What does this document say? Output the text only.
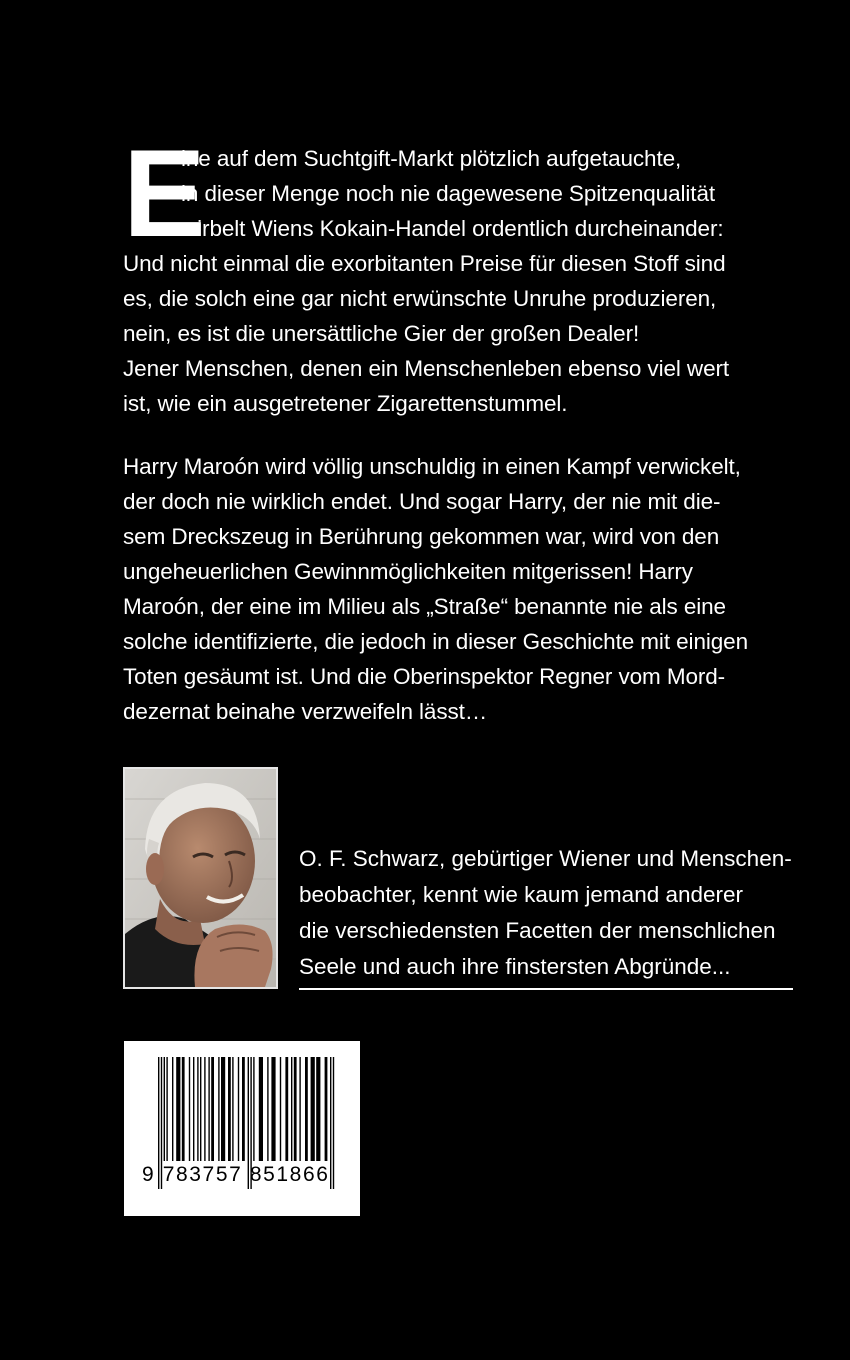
E
ine auf dem Suchtgift-Markt plötzlich aufgetauchte,
in dieser Menge noch nie dagewesene Spitzenqualität
wirbelt Wiens Kokain-Handel ordentlich durcheinander:
Und nicht einmal die exorbitanten Preise für diesen Stoff sind
es, die solch eine gar nicht erwünschte Unruhe produzieren,
nein, es ist die unersättliche Gier der großen Dealer!
Jener Menschen, denen ein Menschenleben ebenso viel wert
ist, wie ein ausgetretener Zigarettenstummel.
Harry Maroón wird völlig unschuldig in einen Kampf verwickelt,
der doch nie wirklich endet. Und sogar Harry, der nie mit die-
sem Dreckszeug in Berührung gekommen war, wird von den
ungeheuerlichen Gewinnmöglichkeiten mitgerissen! Harry
Maroón, der eine im Milieu als „Straße“ benannte nie als eine
solche identifizierte, die jedoch in dieser Geschichte mit einigen
Toten gesäumt ist. Und die Oberinspektor Regner vom Mord-
dezernat beinahe verzweifeln lässt…
O. F. Schwarz, gebürtiger Wiener und Menschen-
beobachter, kennt wie kaum jemand anderer
die verschiedensten Facetten der menschlichen
Seele und auch ihre finstersten Abgründe...
9 783757 851866
